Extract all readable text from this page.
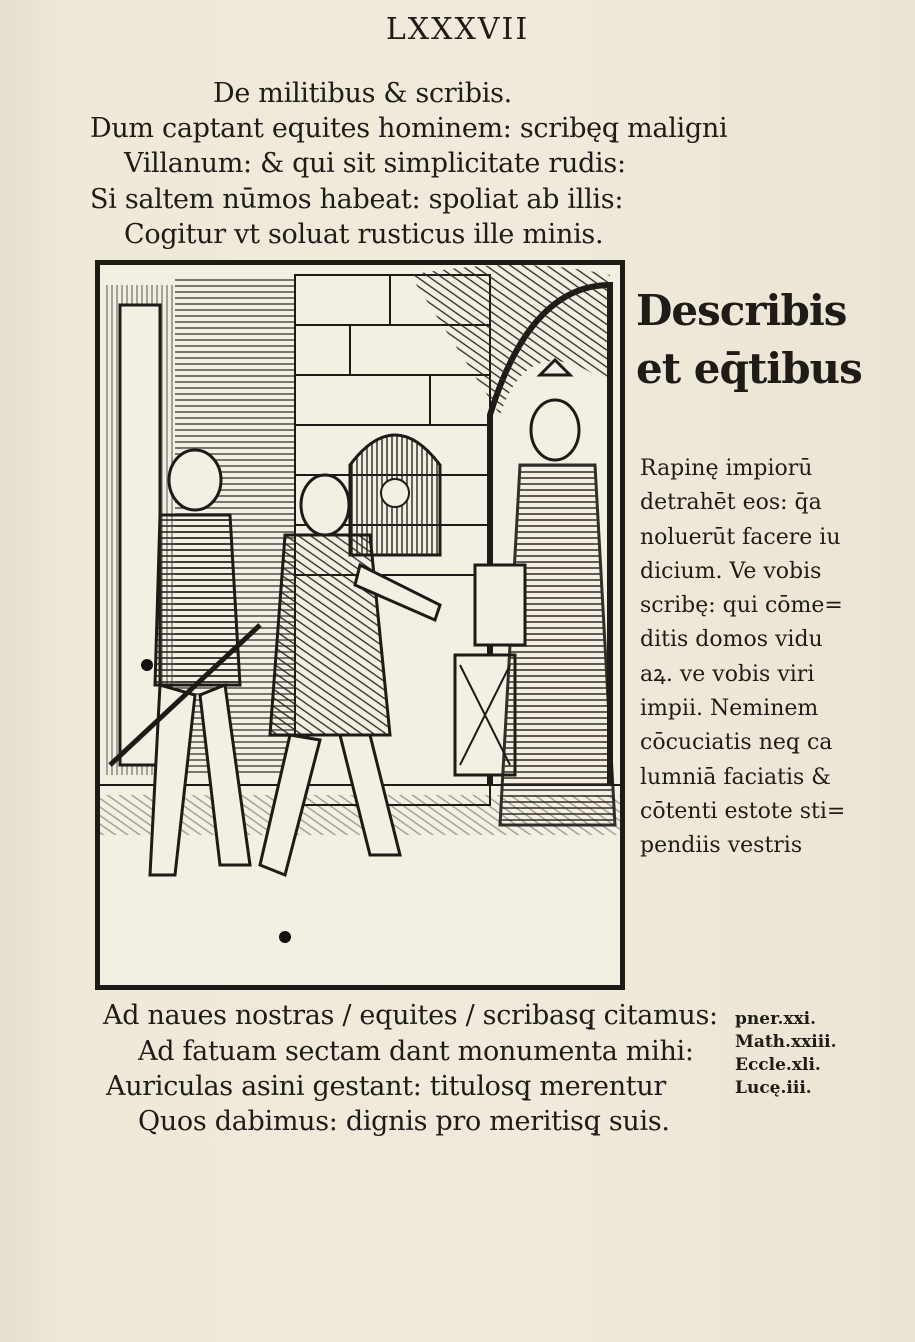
LXXXVII
De militibus & scribis.
Dum captant equites hominem: scribęq̧ maligni
Villanum: & qui sit simplicitate rudis:
Si saltem nūmos habeat: spoliat ab illis:
Cogitur vt soluat rusticus ille minis.
Describis
et eq̄tibus
Rapinę impiorū
detrahēt eos: q̄a
noluerūt facere iu
dicium. Ve vobis
scribę: qui cōme=
ditis domos vidu
aꝝ. ve vobis viri
impii. Neminem
cōcuciatis neq̧ ca
lumniā faciatis &
cōtenti estote sti=
pendiis vestris
Ad naues nostras / equites / scribasq̧ citamus:
Ad fatuam sectam dant monumenta mihi:
Auriculas asini gestant: titulosq̧ merentur
Quos dabimus: dignis pro meritisq̧ suis.
pner.xxi.
Math.xxiii.
Eccle.xli.
Lucę.iii.
